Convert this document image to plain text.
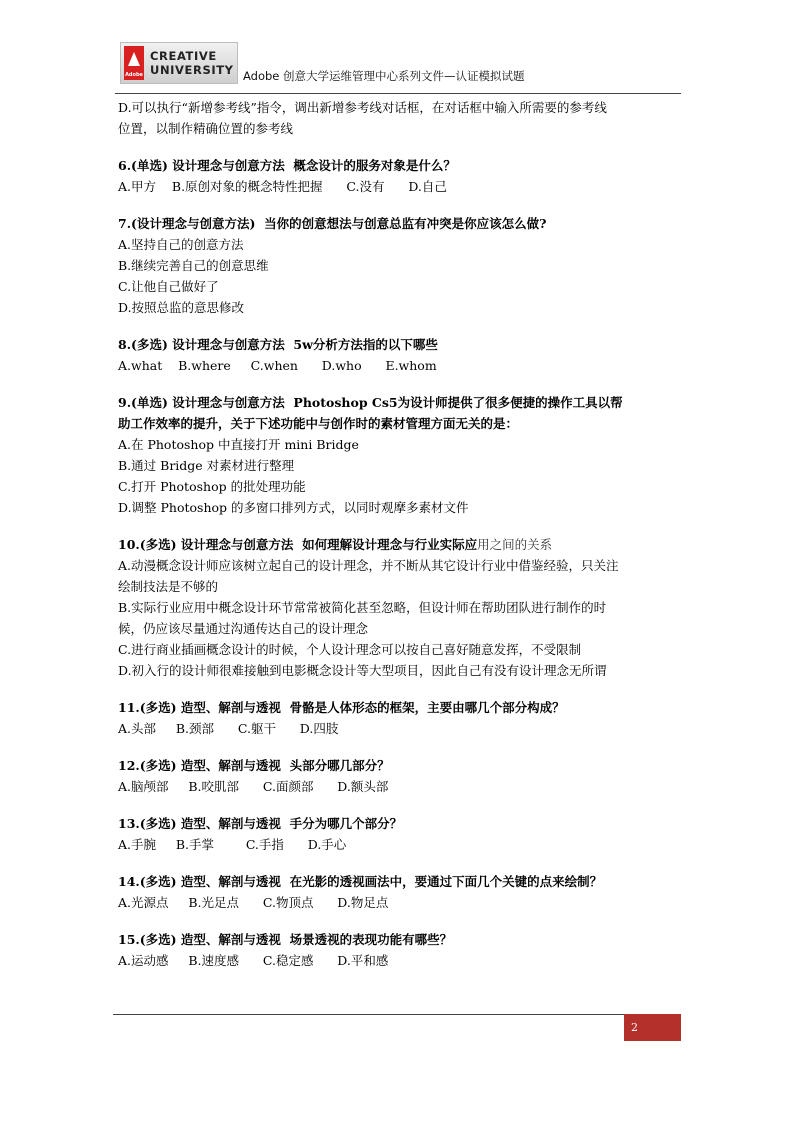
Adobe
CREATIVE
UNIVERSITY Adobe 创意大学运维管理中心系列文件—认证模拟试题
D.可以执行“新增参考线”指令，调出新增参考线对话框，在对话框中输入所需要的参考线
位置，以制作精确位置的参考线
6.(单选) 设计理念与创意方法  概念设计的服务对象是什么？
A.甲方    B.原创对象的概念特性把握      C.没有      D.自己
7.(设计理念与创意方法)  当你的创意想法与创意总监有冲突是你应该怎么做?
A.坚持自己的创意方法
B.继续完善自己的创意思维
C.让他自己做好了
D.按照总监的意思修改
8.(多选) 设计理念与创意方法  5w分析方法指的以下哪些
A.what    B.where     C.when      D.who      E.whom
9.(单选) 设计理念与创意方法  Photoshop Cs5为设计师提供了很多便捷的操作工具以帮
助工作效率的提升，关于下述功能中与创作时的素材管理方面无关的是：
A.在 Photoshop 中直接打开 mini Bridge
B.通过 Bridge 对素材进行整理
C.打开 Photoshop 的批处理功能
D.调整 Photoshop 的多窗口排列方式，以同时观摩多素材文件
10.(多选) 设计理念与创意方法  如何理解设计理念与行业实际应用之间的关系
A.动漫概念设计师应该树立起自己的设计理念，并不断从其它设计行业中借鉴经验，只关注
绘制技法是不够的
B.实际行业应用中概念设计环节常常被简化甚至忽略，但设计师在帮助团队进行制作的时
候，仍应该尽量通过沟通传达自己的设计理念
C.进行商业插画概念设计的时候，个人设计理念可以按自己喜好随意发挥，不受限制
D.初入行的设计师很难接触到电影概念设计等大型项目，因此自己有没有设计理念无所谓
11.(多选) 造型、解剖与透视  骨骼是人体形态的框架，主要由哪几个部分构成？
A.头部     B.颈部      C.躯干      D.四肢
12.(多选) 造型、解剖与透视  头部分哪几部分？
A.脑颅部     B.咬肌部      C.面颜部      D.额头部
13.(多选) 造型、解剖与透视  手分为哪几个部分？
A.手腕     B.手掌        C.手指      D.手心
14.(多选) 造型、解剖与透视  在光影的透视画法中，要通过下面几个关键的点来绘制？
A.光源点     B.光足点      C.物顶点      D.物足点
15.(多选) 造型、解剖与透视  场景透视的表现功能有哪些？
A.运动感     B.速度感      C.稳定感      D.平和感
2
